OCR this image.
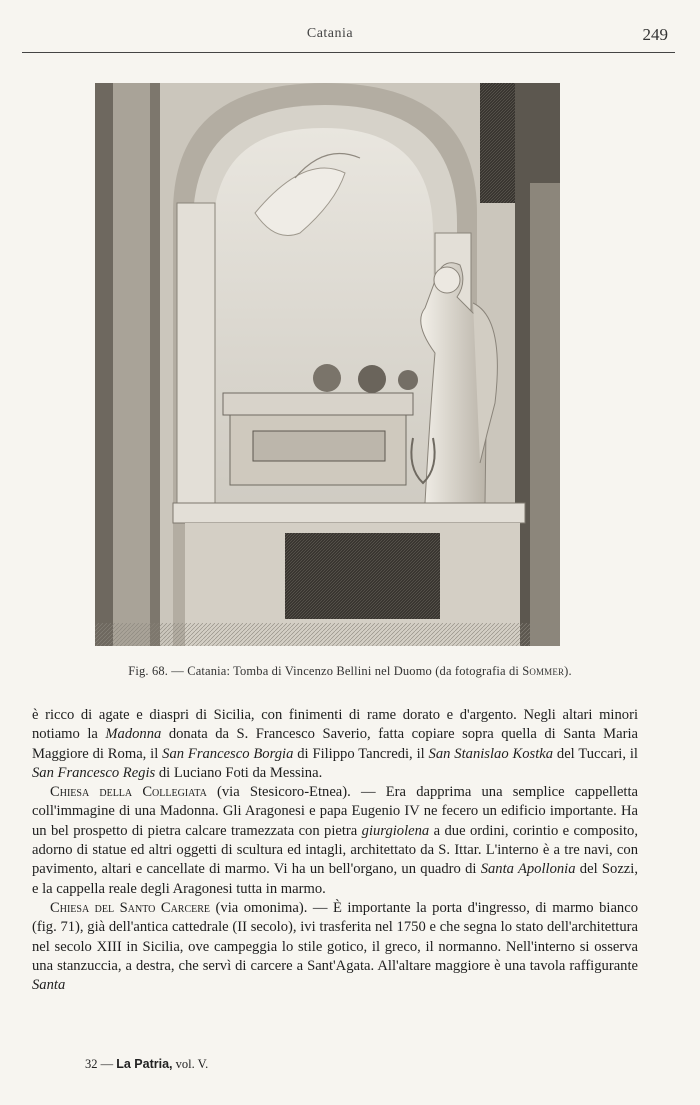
Catania	249
Fig. 68. — Catania: Tomba di Vincenzo Bellini nel Duomo (da fotografia di Sommer).

è ricco di agate e diaspri di Sicilia, con finimenti di rame dorato e d'argento. Negli altari minori notiamo la Madonna donata da S. Francesco Saverio, fatta copiare sopra quella di Santa Maria Maggiore di Roma, il San Francesco Borgia di Filippo Tancredi, il San Stanislao Kostka del Tuccari, il San Francesco Regis di Luciano Foti da Messina.

Chiesa della Collegiata (via Stesicoro-Etnea). — Era dapprima una semplice cappelletta coll'immagine di una Madonna. Gli Aragonesi e papa Eugenio IV ne fecero un edificio importante. Ha un bel prospetto di pietra calcare tramezzata con pietra giurgiolena a due ordini, corintio e composito, adorno di statue ed altri oggetti di scultura ed intagli, architettato da S. Ittar. L'interno è a tre navi, con pavimento, altari e cancellate di marmo. Vi ha un bell'organo, un quadro di Santa Apollonia del Sozzi, e la cappella reale degli Aragonesi tutta in marmo.

Chiesa del Santo Carcere (via omonima). — È importante la porta d'ingresso, di marmo bianco (fig. 71), già dell'antica cattedrale (II secolo), ivi trasferita nel 1750 e che segna lo stato dell'architettura nel secolo XIII in Sicilia, ove campeggia lo stile gotico, il greco, il normanno. Nell'interno si osserva una stanzuccia, a destra, che servì di carcere a Sant'Agata. All'altare maggiore è una tavola raffigurante Santa

32 — La Patria, vol. V.
